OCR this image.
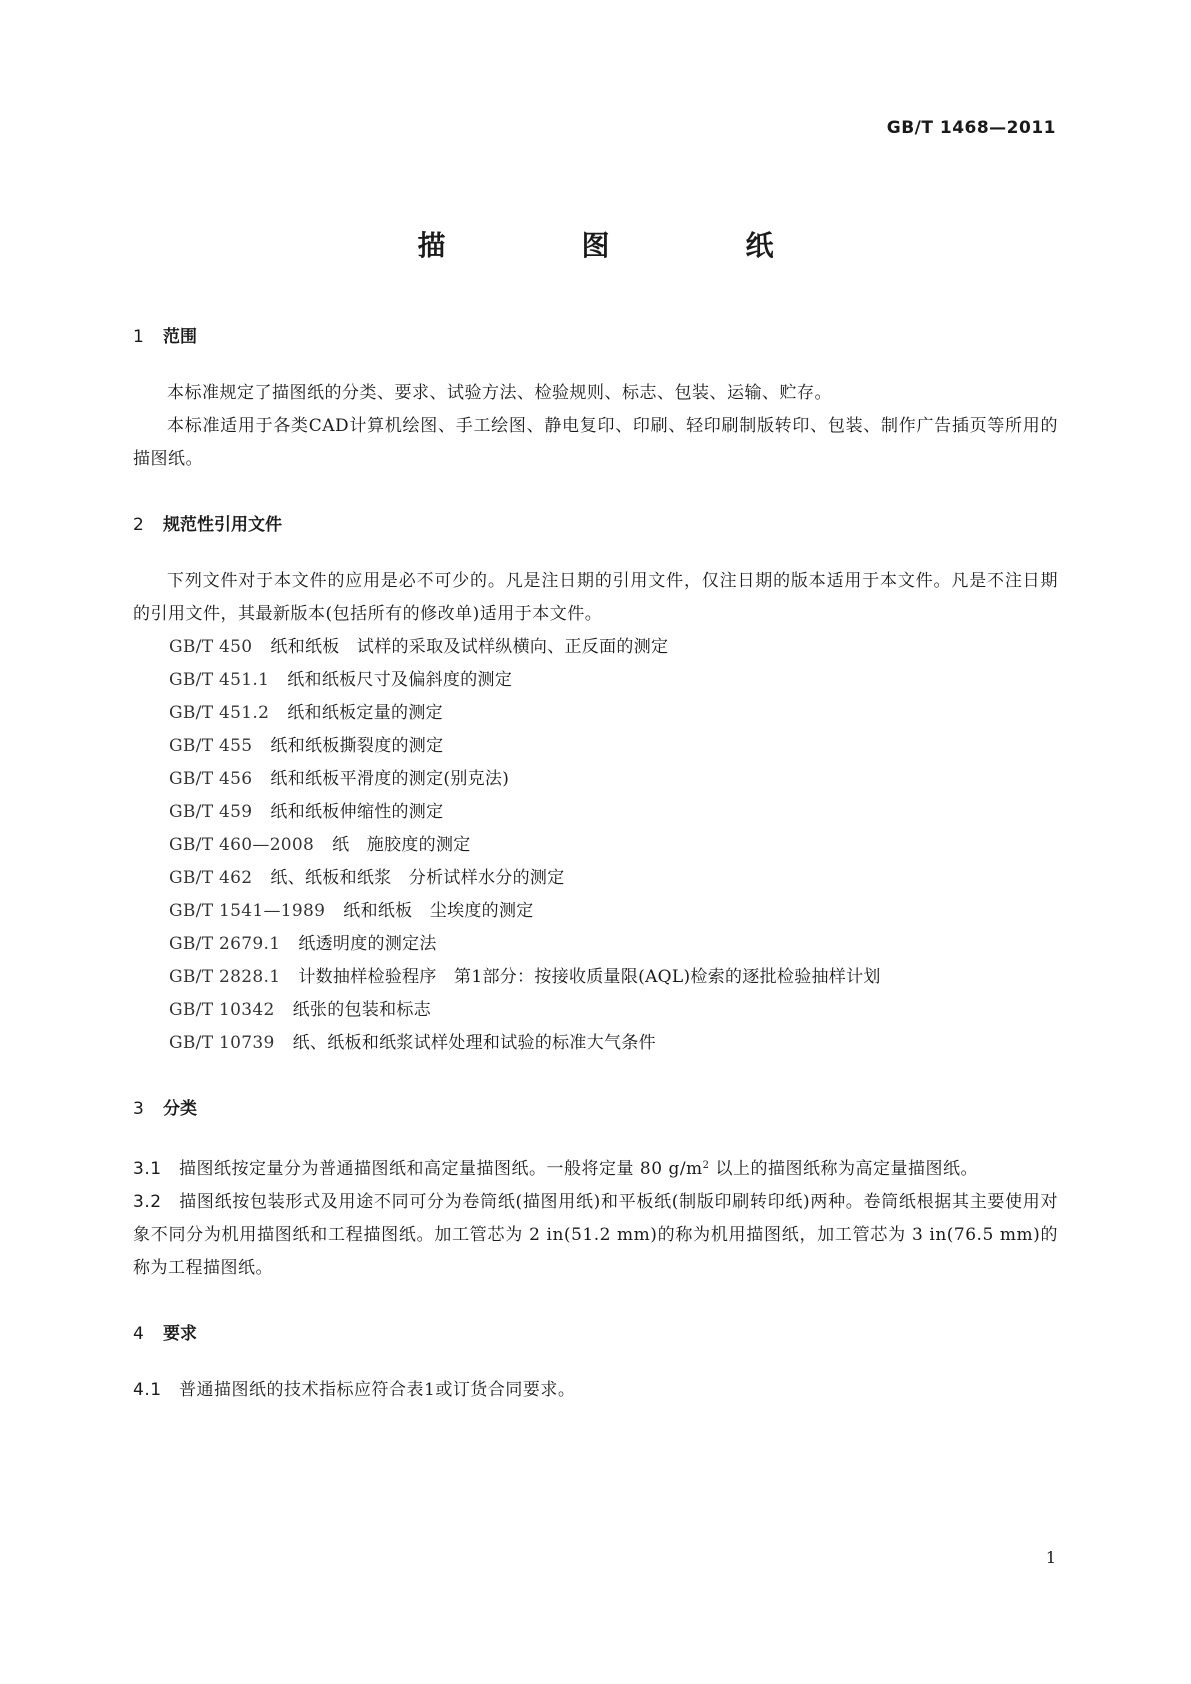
GB/T 1468—2011
描　图　纸
1 范围

本标准规定了描图纸的分类、要求、试验方法、检验规则、标志、包装、运输、贮存。

本标准适用于各类CAD计算机绘图、手工绘图、静电复印、印刷、轻印刷制版转印、包装、制作广告插页等所用的描图纸。

2 规范性引用文件

下列文件对于本文件的应用是必不可少的。凡是注日期的引用文件，仅注日期的版本适用于本文件。凡是不注日期的引用文件，其最新版本(包括所有的修改单)适用于本文件。

GB/T 450 纸和纸板　试样的采取及试样纵横向、正反面的测定
GB/T 451.1 纸和纸板尺寸及偏斜度的测定
GB/T 451.2 纸和纸板定量的测定
GB/T 455 纸和纸板撕裂度的测定
GB/T 456 纸和纸板平滑度的测定(别克法)
GB/T 459 纸和纸板伸缩性的测定
GB/T 460—2008 纸　施胶度的测定
GB/T 462 纸、纸板和纸浆　分析试样水分的测定
GB/T 1541—1989 纸和纸板　尘埃度的测定
GB/T 2679.1 纸透明度的测定法
GB/T 2828.1 计数抽样检验程序　第1部分：按接收质量限(AQL)检索的逐批检验抽样计划
GB/T 10342 纸张的包装和标志
GB/T 10739 纸、纸板和纸浆试样处理和试验的标准大气条件
3 分类

3.1 描图纸按定量分为普通描图纸和高定量描图纸。一般将定量 80 $g/m^2$ 以上的描图纸称为高定量描图纸。

3.2 描图纸按包装形式及用途不同可分为卷筒纸(描图用纸)和平板纸(制版印刷转印纸)两种。卷筒纸根据其主要使用对象不同分为机用描图纸和工程描图纸。加工管芯为 2 in(51.2 mm)的称为机用描图纸，加工管芯为 3 in(76.5 mm)的称为工程描图纸。

4 要求

4.1 普通描图纸的技术指标应符合表1或订货合同要求。

1
